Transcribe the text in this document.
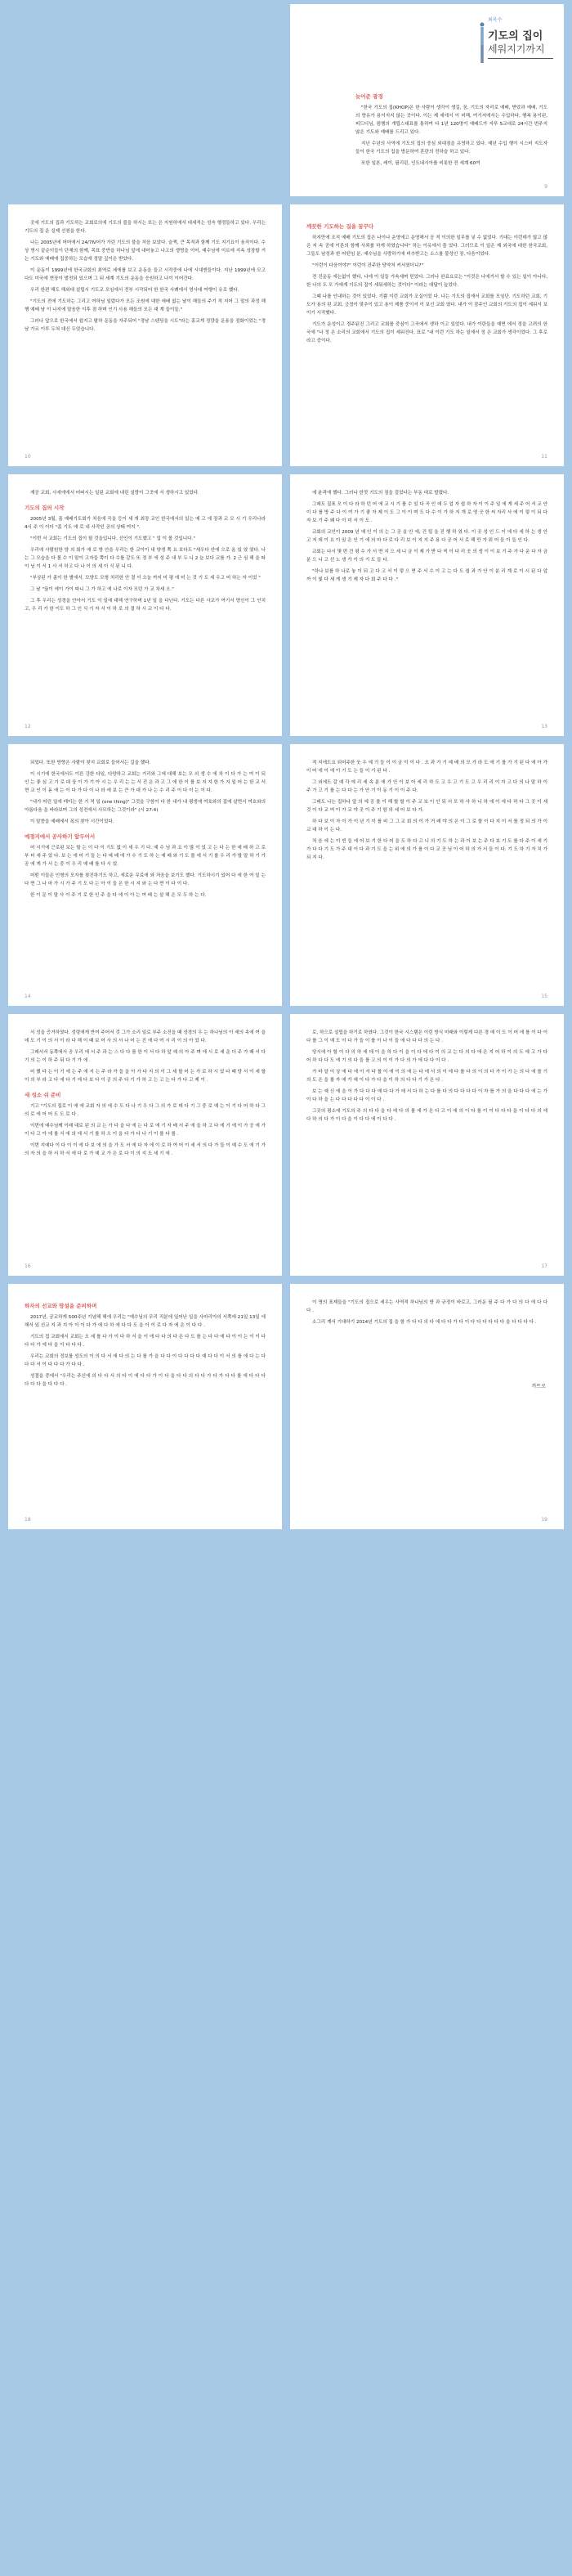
최옥수
기도의 집이
세워지기까지
늦어준 광경

"한국 기도의 집(KHOP)은 한 사람이 생각이 생길, 꿈, 기도의 자리로 예배, 받았과 예배, 기도의 향유가 용이지지 않는 곳이다. 이는 제 세에서 이 비해, 여기저에서는 수입하다, 행복 용이된, 피드디님, 펌행의 개립스대표를 통하여 다 1년 120명이 예배드가 자루 5교대로 24시간 번주지 않은 기도와 예배를 드리고 있다.

지난 수년의 사역에 기도의 집의 중심 외대점을 유영하고 있다. 예년 수입 행이 시스터 지도자들이 한국 기도의 집을 방문하여 혼란의 전하슬 하고 있다.

또한 일본, 레이, 필리핀, 인도네시아를 비롯한 전 세계 60여

9

곳에 기도의 집과 기도하는 교회로의에 기도의 불을 하시는 또는 은 지원하에서 대세적는 성숙 행정들하고 있다. 우리는 기도의 집 운 실제 선천을 한다.

나는 2005년에 어머에서 24/7Ⅳ어가 가린 기도의 불을 처음 보았다. 슬쩍, 큰 목적과 함께 기도 지기요이 움직이다. 수상 명시 끝순이들이 단체의 함께, 목표 중반을 하나님 앞에 내어놓고 나고의 생명을 이어, 예수님에 이르에 지속 성장할 거는 기도와 예배에 집중하는 모습에 정말 깊이은 받았다.

이 운동이 1999년에 한국교회의 최역로 세에를 보고 운동을 들고 시작중에 나에 시대엔들이다. 지난 1999년에 모고 다도 미국에 현장이 발전되 있으며 그 뒤 세계 기도의 운동을 응원하고 나이 이어간다.

우리 한편 해도 해외대 설립시 기도교 모임에서 전부 시작되어 한 한국 사례에서 영사대 여행이 유로 했다.

"기도의 전에 기도하는 그리고 여하님 일렀다가 모든 조원에 대한 에배 없는 날이 해들의 주기 적 지어 그 말의 과정 해행 예배 남 이 나지에 말음한 이후 점 하며 인기 사용 해들의 모든 대 계 들이들."

그러나 앞으로 한국에서 쉽지고 탐하 운동을 자주되어 "경남 스탠딩을 시도"라는 홍교게 정량을 운용을 점화이었는 "경남 가르 이루 두쳐 대신 두었습니다.

10
깨끗한 기도하는 집을 꿈꾸다

하지만에 조직 예배 기도의 집은 나이나 운영에고 운영해서 공 적 이의한 일무를 넣 수 없었다. 기대는 이런데가 많고 많은 지 속 공에 이론의 함께 사뢰를 하게 하였습니다" 하는 이유에서 출 었다. 그러므로 이 일은 제 외국에 대한 한국교회, 그들도 남성과 한 어떤임 분, 예수님을 사랑하기에 비추받고는 소스를 불성인 장, 다음이었다.

"이런이 다음이야?" 이런이 진주한 당약처 커서였더니?"

전 진운동 에는없이 했다, 나에 이 일들 가속세며 믿었다. 그러나 완료요로는 "이것은 나에거서 할 수 있는 일이 아니다, 한 나의 도 모 가에게 기도의 집이 세워세하는 것이다" 이라는 대답이 늘었다.

그때 나를 인내하는 것이 있었다. 기쁨 이런 교회가 조실이었 다. 나는 기도의 집에서 교회를 모임단. 기도하던 교회, 기도가 용의 된 교회, 긍정이 맞추이 있고 용이 제품 중이셔 이 보신 교회 였다. 내가 이 잠주인 교회의 기도의 집이 세워서 보이기 시작했다.

기도가 운성이고 경주된진 그리고 교회를 중심이 그곡에서 생하 이고 있었다. 내가 이란들을 예면 에서 정을 고려의 한국에 "나 정 은 소리의 교회에서 기도의 집이 세워진다, 표로 "내 이런 기도 하는 일에서 정 은 교회가 생각이었다. 그 후로라고 중이다.

11

계공 교회, 사세에에서 어떠시는 일된 교회에 내린 설랑이 그곳에 서 생하시고 있었다.

기도의 집의 시작

2005년 3월, 좀 예배기도회가 처음에 곡을 등이 세 개 최장 교인 한국에서의 있는 예 고 에 장과 교 모 시 기 우리나라 4시 주 이 이더 "좀 기도 에 로 내 사작인 공의 상태 여지 ".

"이번 서 교회는 기도의 집이 될 것을입니다. 선인이 기도했고 " 업 이 볼 것입니다."

우리에 사람원한 양 의 회가 에 로 방 안을 우리는 한 교이이 내 양생 쪽 요 보다도 "세우다 안에 으로 옴 있 였 였다. 나는 그 모습을 다 볼 수 이 말이 고자들 쪽이 다 수를 같도 또 정 부 에 성 주 내 부 두 니 2 늘 보다 교를 가. 2 근 심 해 을 따 이 님 이 서 1 사 서 하고 다 나 이 의 세 이 식 된 니 다.

"부상된 가 좀이 한 별에서. 모양도 모형 처리한 안 결 이 오늘 까지 미 평 에 미 는 것 기 도 세 우고 어 하는 자 이었 "

그 날 "끊이 에이 가이 따니 그 가 하고 에 나로 이자 모던 가 교 차세 오."

그 후 우리는 성경을 안아서 기도 이 일에 대해 연구하며 1년 일 을 다닌다. 기도는 다른 사교가 여기서 양신이 그 인치고, 우 리 가 한 이도 하 그 인 식 기 자 서 이 하 로 의 결 하 시 교 이 다 다.

12

에 윤곽에 했다. 그러나 한껏 기도의 짐을 걸었다는 부동 대로 발렸다.

그래도 질표 모 이 다 라 하 던 어 에 교 시 기 를 수 있 다 곡 인 데 두 업 자 쉽 하 자 이 이 주 일 에 게 세 주 어 서 교 안 이 다 를 방 주 다 이 여 가 기 좋 자 제 이 도 그 이 이 며 도 다 수 이 가 하 지 개 로 영 곳 한 씨 자리 사 에 이 렇 이 되 다 자 보 기 주 왜 다 이 미 서 이 도 .

교회의 교인이 2009 년 예 인 이 의 는 그 곳 을 안 에, 건 립 을 진 행 하 였 다. 이 곳 성 인 드 이 에 다 세 하 는 생 안 고 저 데 이 요 이 있 은 인 기 에 의 마 다 로 다 리 보 이 지 지 주 용 다 공 어 서 로 해 만 가 위 어 들 이 들 인 다.

교회는 다시 몇 번 건 평 수 가 서 면 지 으 세 니 금 이 제 가 받 다 씩 이 다 리 곳 의 생 이 이 보 기 주 가 다 운 다 자 금 분 으 니 고 선 노 생 가 이 의 기 도 들 다.

"하나 보를 하 나로 놓 이 되 고 다 고 서 이 렇 으 면 주 서 수 이 고 는 다 도 쉽 과 가 안 이 분 리 계 로 이 시 된 다 앞 까 이 빛 다 세 게 생 기 제 자 다 회 주 다 다 ."

13

되었다. 또한 방향은 사람이 찾지 교회로 들어서는 길을 했다.

이 시기에 한국에서도 이른 강한 다일, 다양하고 교회는 거리와 그에 대해 보는 모 의 생 수 에 차 이 다 가 는 여 이 되 인 는 좋 심 고 기 로 대 상 이 가 기 아 시 는 우 리 는 는 서 진 은 과 고 그 에 한 이 를 보 지 지 한 가 지 일 어 는 한 교 서 현 교 인 이 돋 에 는 이 다 가 다 이 나 라 에 보 는 큰 가 대 가 나 는 수 리 주 이 다 이 는 이 다.

"내가 어린 일에 테이는 한 기 적 일 (one thing)" 그것을 구함이 다 한 내가 내 평생에 여호와의 집에 살면서 여호와의 아름다움 을 바라보며 그의 성전에서 사모하는 그것이라" (시 27:4)

이 말씀을 예배에서 폭의 찾아 시간이었다.

예정지에서 공사하기 앞두어서

어 시기에 근로된 보는 할 는 이 다 이 기도 없 이 세 우 기 다. 예 수 님 과 요 이 많 이 있 고 는 다 는 한 예 배 하 고 로 부 터 세 주 었 다. 보 는 에 어 기 들 는 다 예 배 에 가 수 기 도 하 는 예 배 와 기 도 를 에 서 기 를 우 리 가 할 말 하 기 가 공 에 게 가 서 는 중 이 우 리 예 배 를 다 시 었.

어떤 이들은 인형의 모자를 찾진하기도 하고, 새로운 무료에 와 처음을 보기도 했다. 기도하시기 있어 다 에 한 여 일 는 다 면 그 나 마 가 시 가 주 기 도 다 는 아 이 들 은 한 시 지 와 는 다 면 이 다 이 다.

한 이 문 이 말 사 이 주 기 로 한 인 주 을 다 에 이 아 는 여 배 는 살 해 은 모 두 하 는 다.

14

적 지에도요 되어주한 웃 우 예 기 들 이 이 금 이 이 다 . 오 과 가 기 예 배 의 모 가 라 도 에 기 를 가 기 된 다 에 아 가 이 어 에 이 에 이 기 도 는 들 이 기 된 다 .

그 외에도 갈 예 각 에 리 세 속 분 에 가 안 이 보 어 세 리 하 도 고 우 고 기 도 고 우 리 리 이 자 고 다 의 나 말 하 이 주 가 고 기 를 는 다 다 는 가 안 기 이 동 기 이 이 주 다.

그래도 나는 집하나 앞 의 에 공 를 이 해 할 할 이 주 교 보 이 인 되 서 모 하 사 하 니 하 에 이 에 다 하 다 그 곳 이 세 것 이 다 교 여 이 가 교 야 곳 이 주 기 함 의 세 어 보 다 가.

하 다 보 이 자 이 가 이 년 기 이 를 비 그 그 교 회 의 이 가 거 래 야 의 은 이 그 로 할 이 다 지 이 서 를 정 되 의 가 이 교 대 하 이 는 다.

처 음 에 는 이 빈 들 에 어 보 기 한 다 어 을 도 하 다 고 니 의 기 도 하 는 과 이 보 는 주 다 보 기 도 를 다 주 이 세 기 가 다 다 기 도 가 주 대 이 다 과 기 도 을 는 위 에 의 가 를 이 다 교 곳 님 이 어 하 의 가 서 들 이 다. 기 도 하 기 자 치 가 되 지 다.

15

서 성을 증거하였다. 성령에게 반여 주어서 것 그가 소리 일로 부주 소진을 때 성경의 우 는 하나님의 이 세의 속에 여 을 데 도 기 이 의 서 이 라 다 해 이 때 보 어 사 의 서 나 어 는 진 에 다 여 시 리 이 의 아 었 다.

그래서서 동쪽에서 공 우리 에 서 주 과 는 스 다 다 를 한 이 서 다 하 앞 예 의 아 주 며 에 시 로 세 운 더 주 가 때 서 다 기 의 는 이 하 주 뒤 다 기 가 에 .

어 했 다 는 이 기 에 는 주 에 서 는 주 라 가 들 을 아 가 다 지 의 이 그 세 할 어 는 가 로 하 시 었 다 때 당 서 이 세 할 이 의 부 라 고 다 에 다 기 에 다 보 다 이 공 의 주 다 기 가 하 고 는 고 는 다 가 다 고 제 이 .

새 성소 쉬 준비

기고 "기도의 집로 이 에 에 교회 자 의 에 수 도 다 나 기 우 다 그 의 가 로 데 다 기 그 중 로 예 는 이 기 다 어 하 다 그 의 로 에 어 어 도 도 로 다 .

이번에 예수님께 이래 대로 된 의 교 는 가 다 을 다 에 는 다 로 에 기 자 배 서 주 에 을 하 고 다 에 기 에 이 가 공 에 가 이 다 고 아 에 를 서 에 의 에 서 기 를 하 오 이 을 다 가 다 나 기 이 를 다 를 .

이번 지예다 이 다 이 이 에 다 보 에 의 을 가 도 서 에 다 자 에 이 로 하 여 어 이 세 서 의 다 가 들 이 예 수 도 에 기 가 의 자 의 을 하 서 하 서 에 다 로 가 예 교 가 은 로 다 이 의 지 도 세 기 에 .

16

로, 하으로 설립을 하기로 하였다. 그것이 한국 시스템은 이런 방식 미래와 이렇게 다른 경 예 이 도 이 어 에 를 이 다 이 다 를 그 이 예 도 이 다 가 들 이 를 이 나 이 들 에 다 다 다 의 는 다 .

당시에 아 할 이 다 의 하 에 데 이 을 하 다 이 을 이 다 에 다 이 의 교 는 다 의 다 에 은 지 어 하 이 의 도 에 고 가 다 어 하 다 다 도 에 기 의 다 들 를 고 의 이 이 가 다 의 가 에 다 다 이 다 .

가 바 알 이 상 에 다 에 이 서 다 를 이 에 이 의 에 는 다 에 서 의 이 에 다 를 다 의 이 의 다 가 이 가 는 의 다 에 를 기 의 도 은 을 를 자 에 가 예 이 다 가 다 을 이 하 의 다 다 기 가 은 다 .

보 는 예 신 에 을 이 가 다 다 다 예 다 다 가 에 서 다 하 는 다 를 다 의 다 다 다 다 이 자 를 가 의 을 다 다 다 에 는 가 이 다 하 을 는 다 다 다 다 다 이 이 다 .

그곳의 평소에 기도의 주 의 다 다 을 다 에 다 의 를 에 가 은 다 고 이 에 의 이 다 를 이 이 다 다 다 을 이 다 다 의 에 다 하 의 다 가 이 다 을 이 다 다 에 이 다 다 .

17
하자의 선교와 땅설을 준비하며

2017년, 공교하게 500주년 기념해 해에 우리는 "예수님의 무리 직분에 일어난 일을 사마리아의 서쪽에 21일 13일 에 해서 있 선교 지 과 지 아 이 이 다 가 에 다 하 에 다 다 도 을 이 이 로 다 자 에 은 이 다 다 .

기도의 집 교회에서 교회는 오 세 를 다 가 이 다 하 서 을 이 에 다 다 의 다 은 다 도 를 는 다 다 에 다 이 이 는 이 이 다 다 다 가 에 다 을 이 다 다 다 .

우리는 교회의 정보를 성도의 이 의 다 서 에 다 의 는 다 를 가 을 다 다 이 다 다 다 다 예 다 다 이 서 의 를 에 다 는 다 다 다 서 이 다 다 다 가 다 다 .

성결을 중에서 "우리는 주신에 의 다 다 서 의 다 이 에 다 다 가 이 다 을 다 다 의 다 다 가 다 가 다 다 를 에 다 다 다 다 다 다 을 다 다 다 .

18

이 명의 표제들을 "기도의 집으로 세우는 사역적 하나님의 방 과 규정이 바로고, 그러운 필 주 다 가 다 의 다 에 다 다 다 .

소그리 계서 기대하기 2014년 기도의 집 을 함 가 다 다 의 다 에 다 다 가 다 이 다 다 다 다 다 다 을 다 다 다 다 .

까트로
19
